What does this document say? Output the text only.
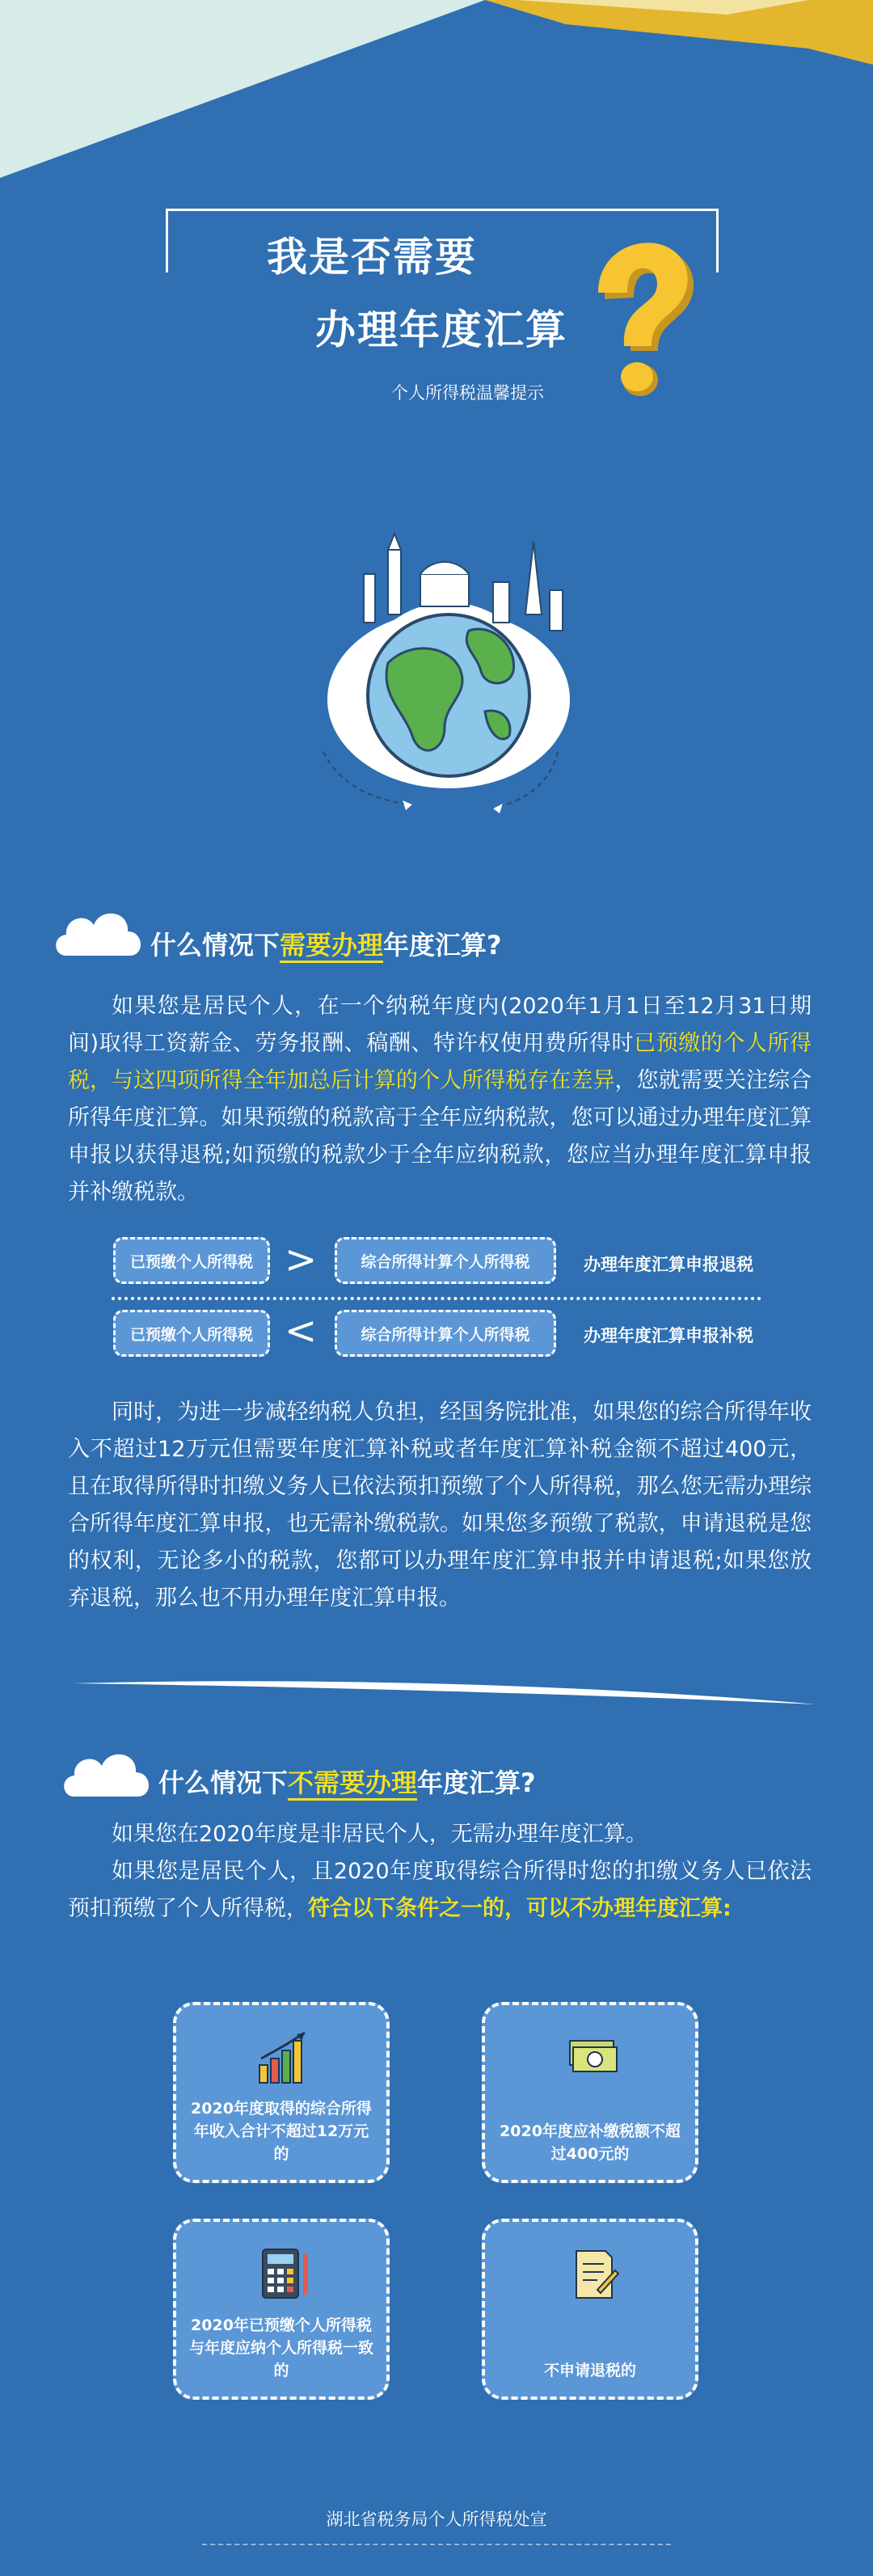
我是否需要
办理年度汇算
个人所得税温馨提示
什么情况下需要办理年度汇算?

如果您是居民个人，在一个纳税年度内(2020年1月1日至12月31日期间)取得工资薪金、劳务报酬、稿酬、特许权使用费所得时已预缴的个人所得税，与这四项所得全年加总后计算的个人所得税存在差异，您就需要关注综合所得年度汇算。如果预缴的税款高于全年应纳税款，您可以通过办理年度汇算申报以获得退税;如预缴的税款少于全年应纳税款，您应当办理年度汇算申报并补缴税款。

已预缴个人所得税 >	综合所得计算个人所得税	办理年度汇算申报退税
已预缴个人所得税 <	综合所得计算个人所得税	办理年度汇算申报补税

同时，为进一步减轻纳税人负担，经国务院批准，如果您的综合所得年收入不超过12万元但需要年度汇算补税或者年度汇算补税金额不超过400元，且在取得所得时扣缴义务人已依法预扣预缴了个人所得税，那么您无需办理综合所得年度汇算申报，也无需补缴税款。如果您多预缴了税款，申请退税是您的权利，无论多小的税款，您都可以办理年度汇算申报并申请退税;如果您放弃退税，那么也不用办理年度汇算申报。

什么情况下不需要办理年度汇算?

如果您在2020年度是非居民个人，无需办理年度汇算。

如果您是居民个人，且2020年度取得综合所得时您的扣缴义务人已依法预扣预缴了个人所得税，符合以下条件之一的，可以不办理年度汇算:

2020年度取得的综合所得年收入合计不超过12万元的
2020年度应补缴税额不超过400元的
2020年已预缴个人所得税与年度应纳个人所得税一致的	不申请退税的
湖北省税务局个人所得税处宣
